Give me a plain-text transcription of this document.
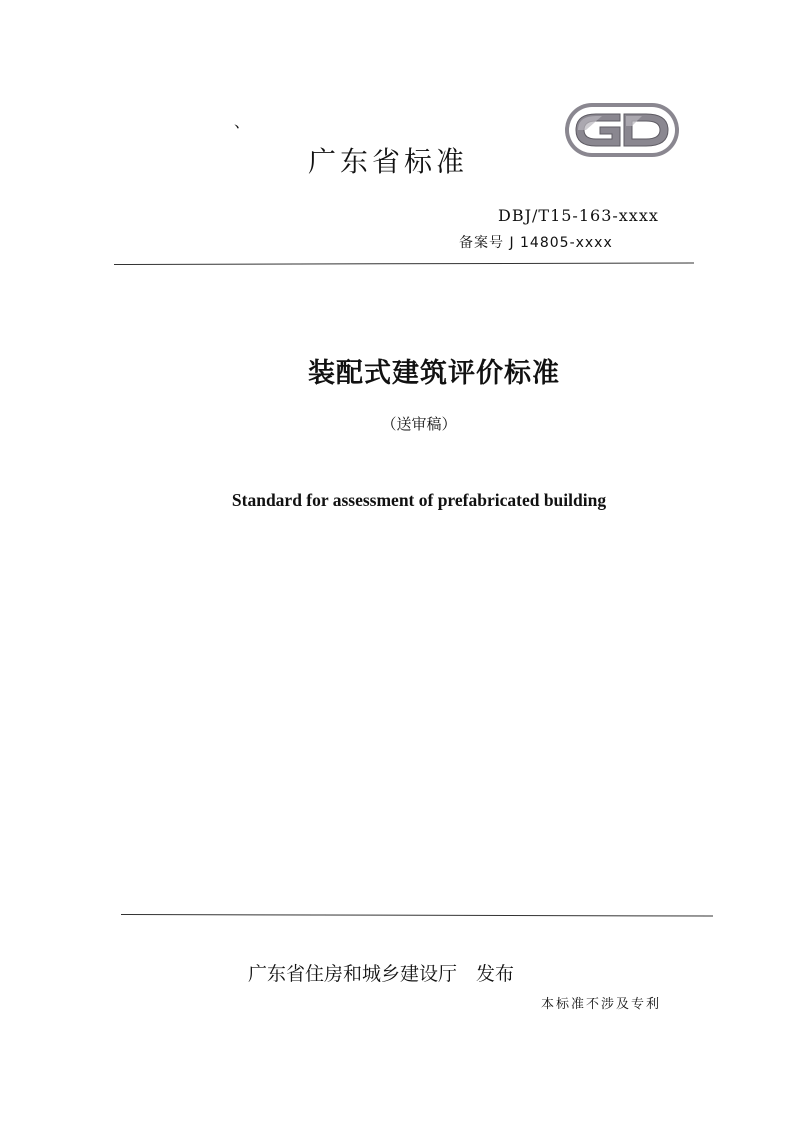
、
广东省标准
DBJ/T15-163-xxxx
备案号 J 14805-xxxx
装配式建筑评价标准
（送审稿）
Standard for assessment of prefabricated building
广东省住房和城乡建设厅　发布
本标准不涉及专利
